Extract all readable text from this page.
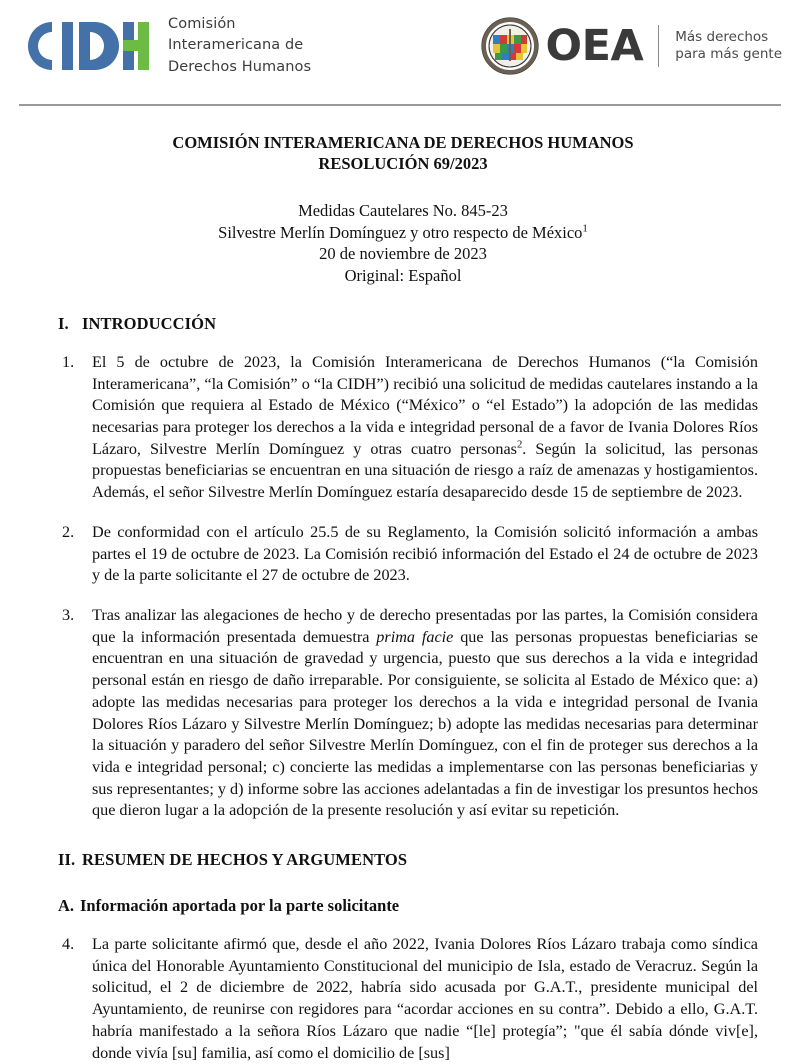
Comisión
Interamericana de
Derechos Humanos	OEA Más derechos
para más gente
COMISIÓN INTERAMERICANA DE DERECHOS HUMANOS
RESOLUCIÓN 69/2023
Medidas Cautelares No. 845-23
Silvestre Merlín Domínguez y otro respecto de México$^1$
20 de noviembre de 2023
Original: Español
I. INTRODUCCIÓN
1.	El 5 de octubre de 2023, la Comisión Interamericana de Derechos Humanos (“la Comisión Interamericana”, “la Comisión” o “la CIDH”) recibió una solicitud de medidas cautelares instando a la Comisión que requiera al Estado de México (“México” o “el Estado”) la adopción de las medidas necesarias para proteger los derechos a la vida e integridad personal de a favor de Ivania Dolores Ríos Lázaro, Silvestre Merlín Domínguez y otras cuatro personas$^2$. Según la solicitud, las personas propuestas beneficiarias se encuentran en una situación de riesgo a raíz de amenazas y hostigamientos. Además, el señor Silvestre Merlín Domínguez estaría desaparecido desde 15 de septiembre de 2023.
2.	De conformidad con el artículo 25.5 de su Reglamento, la Comisión solicitó información a ambas partes el 19 de octubre de 2023. La Comisión recibió información del Estado el 24 de octubre de 2023 y de la parte solicitante el 27 de octubre de 2023.
3.	Tras analizar las alegaciones de hecho y de derecho presentadas por las partes, la Comisión considera que la información presentada demuestra prima facie que las personas propuestas beneficiarias se encuentran en una situación de gravedad y urgencia, puesto que sus derechos a la vida e integridad personal están en riesgo de daño irreparable. Por consiguiente, se solicita al Estado de México que: a) adopte las medidas necesarias para proteger los derechos a la vida e integridad personal de Ivania Dolores Ríos Lázaro y Silvestre Merlín Domínguez; b) adopte las medidas necesarias para determinar la situación y paradero del señor Silvestre Merlín Domínguez, con el fin de proteger sus derechos a la vida e integridad personal; c) concierte las medidas a implementarse con las personas beneficiarias y sus representantes; y d) informe sobre las acciones adelantadas a fin de investigar los presuntos hechos que dieron lugar a la adopción de la presente resolución y así evitar su repetición.
II. RESUMEN DE HECHOS Y ARGUMENTOS
A. Información aportada por la parte solicitante
4.	La parte solicitante afirmó que, desde el año 2022, Ivania Dolores Ríos Lázaro trabaja como síndica única del Honorable Ayuntamiento Constitucional del municipio de Isla, estado de Veracruz. Según la solicitud, el 2 de diciembre de 2022, habría sido acusada por G.A.T., presidente municipal del Ayuntamiento, de reunirse con regidores para “acordar acciones en su contra”. Debido a ello, G.A.T. habría manifestado a la señora Ríos Lázaro que nadie “[le] protegía”; "que él sabía dónde viv[e], donde vivía [su] familia, así como el domicilio de [sus]
